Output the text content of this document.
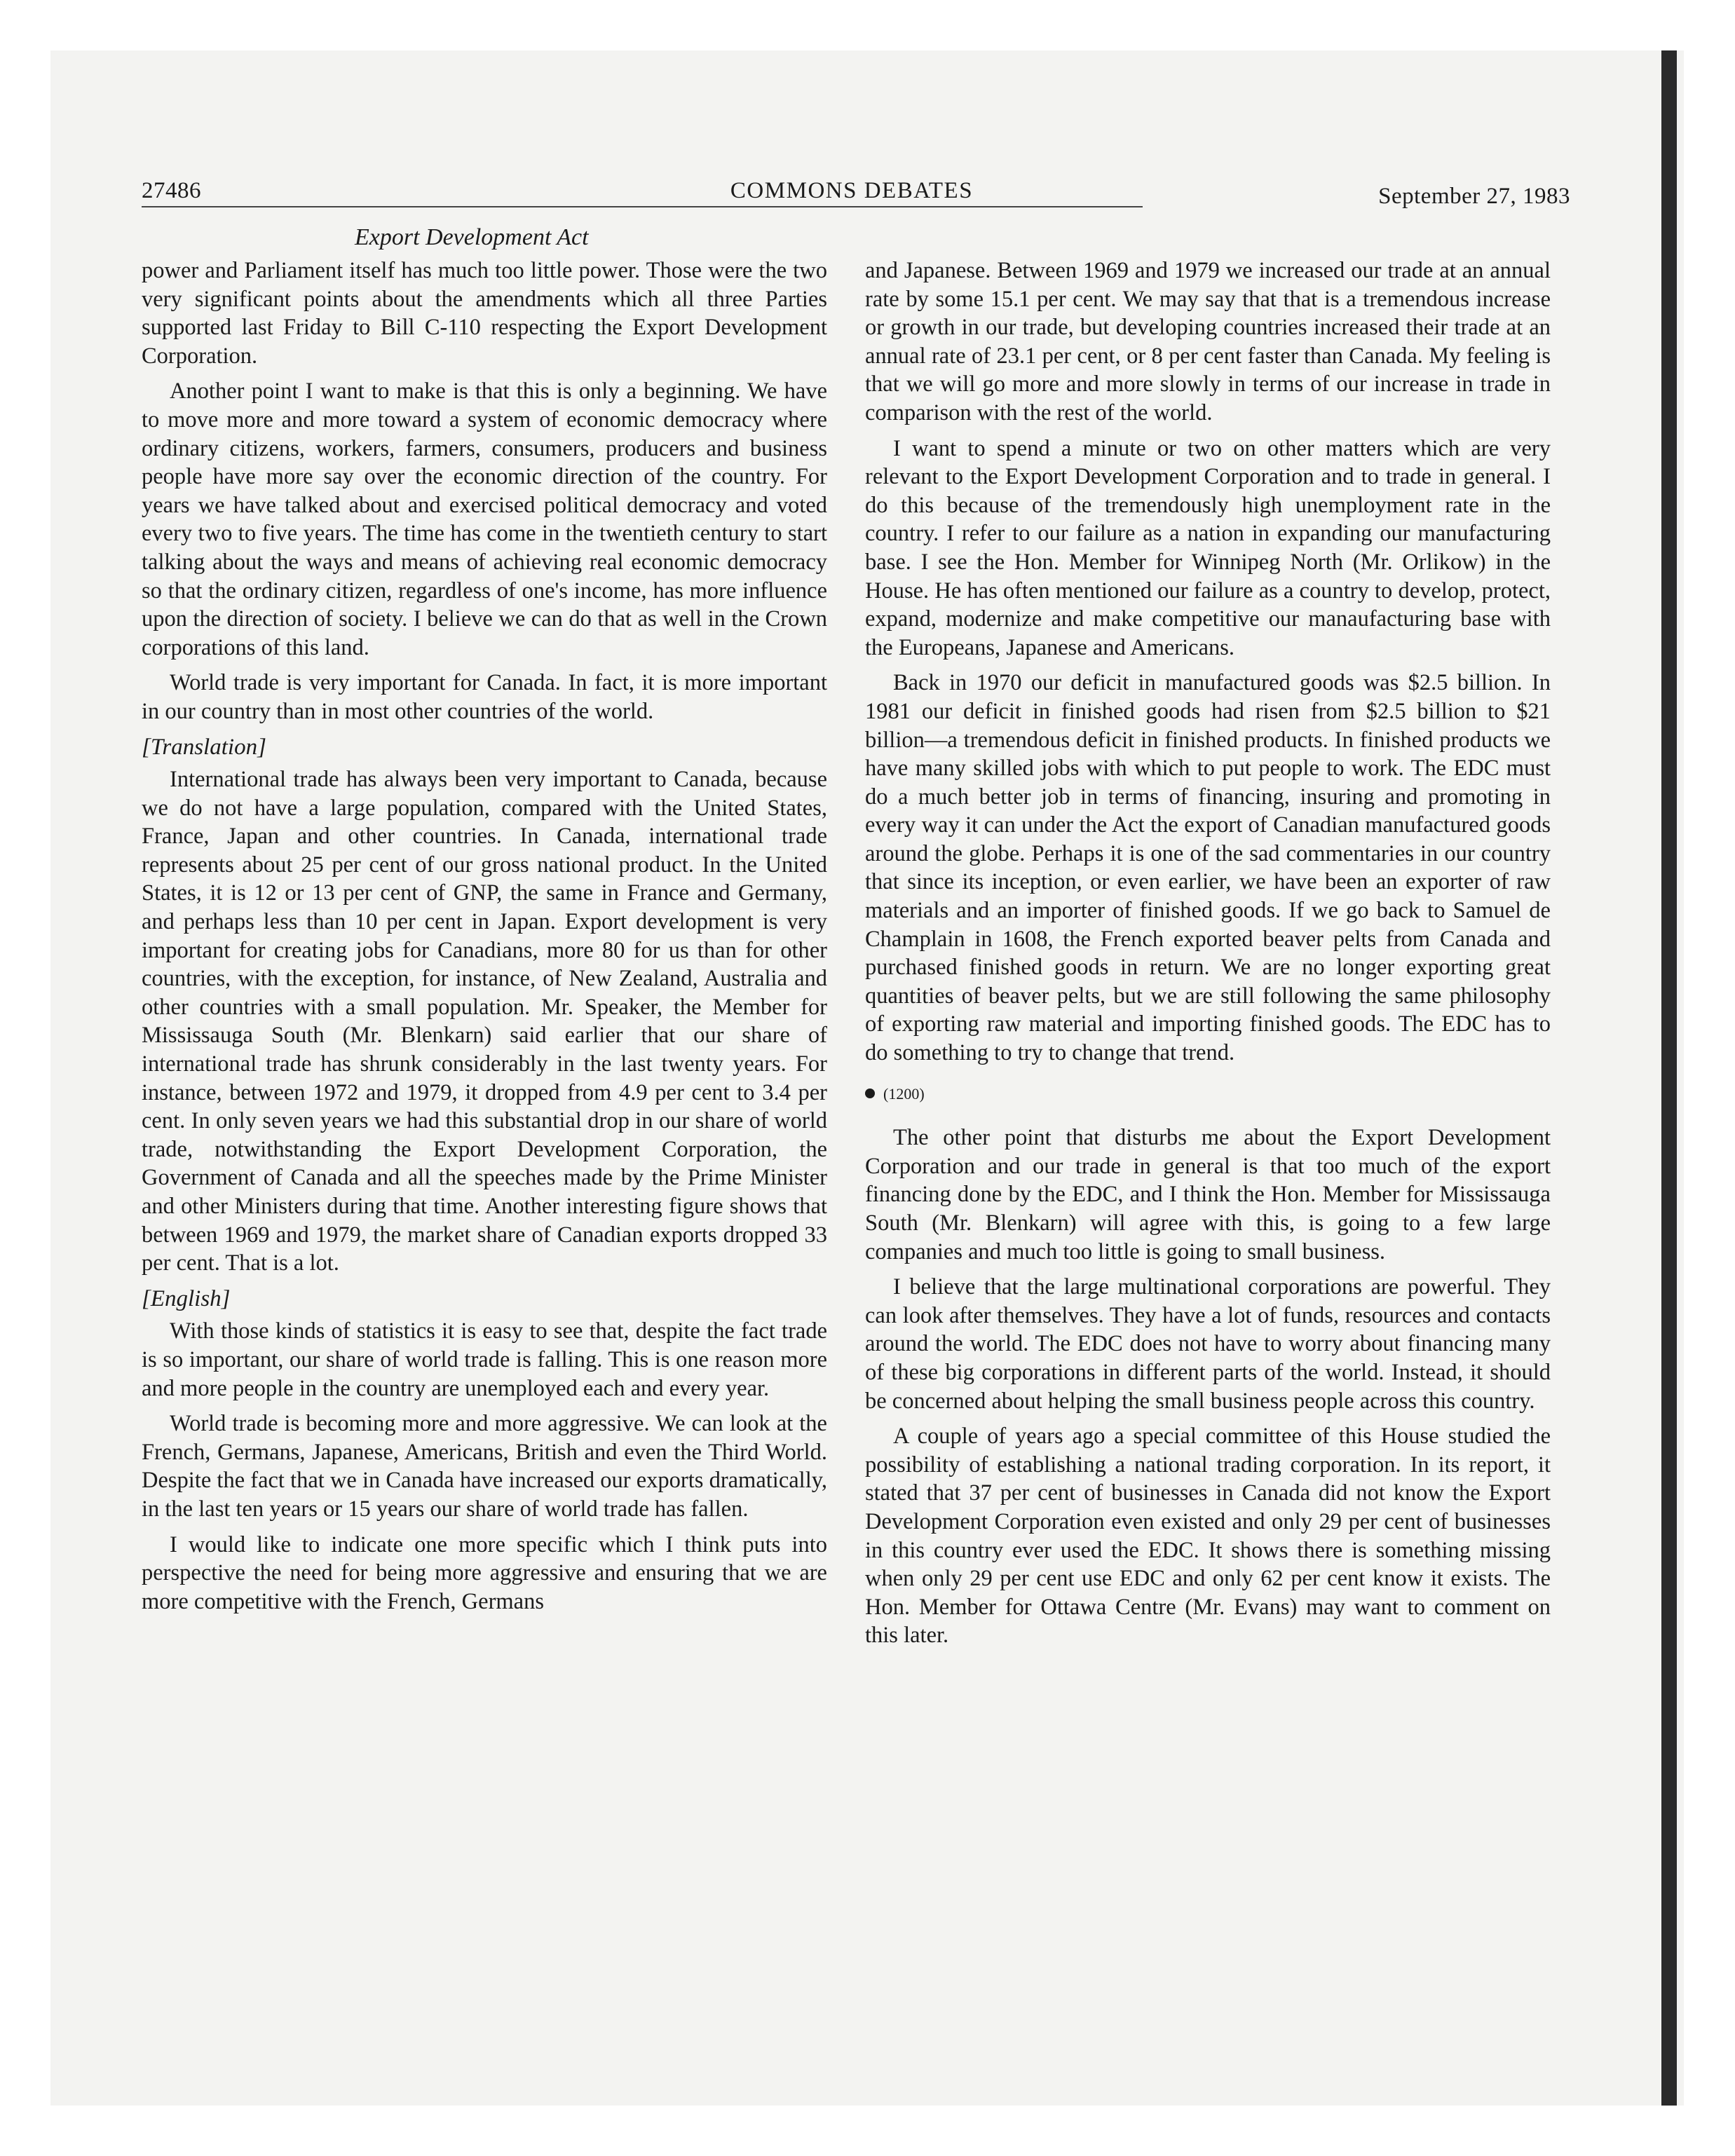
27486	COMMONS DEBATES	September 27, 1983
Export Development Act

power and Parliament itself has much too little power. Those were the two very significant points about the amendments which all three Parties supported last Friday to Bill C-110 respecting the Export Development Corporation.

Another point I want to make is that this is only a beginning. We have to move more and more toward a system of economic democracy where ordinary citizens, workers, farmers, consumers, producers and business people have more say over the economic direction of the country. For years we have talked about and exercised political democracy and voted every two to five years. The time has come in the twentieth century to start talking about the ways and means of achieving real economic democracy so that the ordinary citizen, regardless of one's income, has more influence upon the direction of society. I believe we can do that as well in the Crown corporations of this land.

World trade is very important for Canada. In fact, it is more important in our country than in most other countries of the world.

[Translation]

International trade has always been very important to Canada, because we do not have a large population, compared with the United States, France, Japan and other countries. In Canada, international trade represents about 25 per cent of our gross national product. In the United States, it is 12 or 13 per cent of GNP, the same in France and Germany, and perhaps less than 10 per cent in Japan. Export development is very important for creating jobs for Canadians, more 80 for us than for other countries, with the exception, for instance, of New Zealand, Australia and other countries with a small population. Mr. Speaker, the Member for Mississauga South (Mr. Blenkarn) said earlier that our share of international trade has shrunk considerably in the last twenty years. For instance, between 1972 and 1979, it dropped from 4.9 per cent to 3.4 per cent. In only seven years we had this substantial drop in our share of world trade, notwithstanding the Export Development Corporation, the Government of Canada and all the speeches made by the Prime Minister and other Ministers during that time. Another interesting figure shows that between 1969 and 1979, the market share of Canadian exports dropped 33 per cent. That is a lot.

[English]

With those kinds of statistics it is easy to see that, despite the fact trade is so important, our share of world trade is falling. This is one reason more and more people in the country are unemployed each and every year.

World trade is becoming more and more aggressive. We can look at the French, Germans, Japanese, Americans, British and even the Third World. Despite the fact that we in Canada have increased our exports dramatically, in the last ten years or 15 years our share of world trade has fallen.

I would like to indicate one more specific which I think puts into perspective the need for being more aggressive and ensuring that we are more competitive with the French, Germans

and Japanese. Between 1969 and 1979 we increased our trade at an annual rate by some 15.1 per cent. We may say that that is a tremendous increase or growth in our trade, but developing countries increased their trade at an annual rate of 23.1 per cent, or 8 per cent faster than Canada. My feeling is that we will go more and more slowly in terms of our increase in trade in comparison with the rest of the world.

I want to spend a minute or two on other matters which are very relevant to the Export Development Corporation and to trade in general. I do this because of the tremendously high unemployment rate in the country. I refer to our failure as a nation in expanding our manufacturing base. I see the Hon. Member for Winnipeg North (Mr. Orlikow) in the House. He has often mentioned our failure as a country to develop, protect, expand, modernize and make competitive our manaufacturing base with the Europeans, Japanese and Americans.

Back in 1970 our deficit in manufactured goods was $2.5 billion. In 1981 our deficit in finished goods had risen from $2.5 billion to $21 billion—a tremendous deficit in finished products. In finished products we have many skilled jobs with which to put people to work. The EDC must do a much better job in terms of financing, insuring and promoting in every way it can under the Act the export of Canadian manufactured goods around the globe. Perhaps it is one of the sad commentaries in our country that since its inception, or even earlier, we have been an exporter of raw materials and an importer of finished goods. If we go back to Samuel de Champlain in 1608, the French exported beaver pelts from Canada and purchased finished goods in return. We are no longer exporting great quantities of beaver pelts, but we are still following the same philosophy of exporting raw material and importing finished goods. The EDC has to do something to try to change that trend.

(1200)

The other point that disturbs me about the Export Development Corporation and our trade in general is that too much of the export financing done by the EDC, and I think the Hon. Member for Mississauga South (Mr. Blenkarn) will agree with this, is going to a few large companies and much too little is going to small business.

I believe that the large multinational corporations are powerful. They can look after themselves. They have a lot of funds, resources and contacts around the world. The EDC does not have to worry about financing many of these big corporations in different parts of the world. Instead, it should be concerned about helping the small business people across this country.

A couple of years ago a special committee of this House studied the possibility of establishing a national trading corporation. In its report, it stated that 37 per cent of businesses in Canada did not know the Export Development Corporation even existed and only 29 per cent of businesses in this country ever used the EDC. It shows there is something missing when only 29 per cent use EDC and only 62 per cent know it exists. The Hon. Member for Ottawa Centre (Mr. Evans) may want to comment on this later.
